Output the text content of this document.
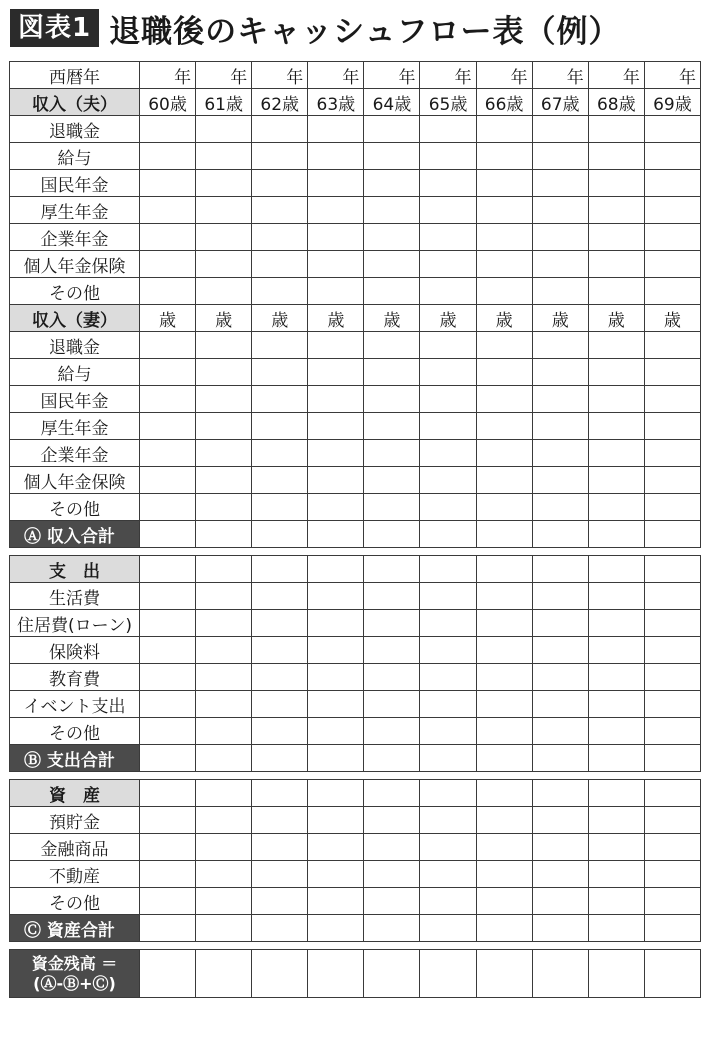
図表1 退職後のキャッシュフロー表（例）
西暦年	年	年	年	年	年	年	年	年	年	年
収入（夫）	60歳	61歳	62歳	63歳	64歳	65歳	66歳	67歳	68歳	69歳
退職金										
給与										
国民年金										
厚生年金										
企業年金										
個人年金保険										
その他										
収入（妻）	歳	歳	歳	歳	歳	歳	歳	歳	歳	歳
退職金										
給与										
国民年金										
厚生年金										
企業年金										
個人年金保険										
その他										
Ⓐ 収入合計										

支　出										
生活費										
住居費(ローン)										
保険料										
教育費										
イベント支出										
その他										
Ⓑ 支出合計										

資　産										
預貯金										
金融商品										
不動産										
その他										
Ⓒ 資産合計										

資金残高 ＝
(Ⓐ-Ⓑ+Ⓒ)										
